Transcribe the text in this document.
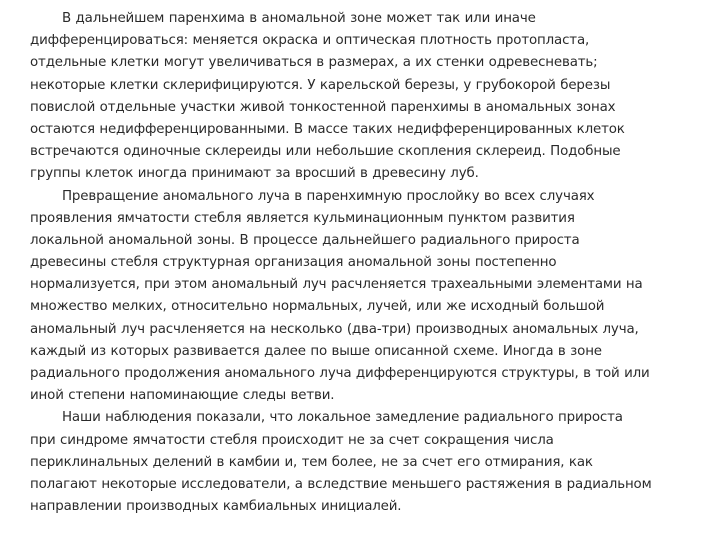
В дальнейшем паренхима в аномальной зоне может так или иначе
дифференцироваться: меняется окраска и оптическая плотность протопласта,
отдельные клетки могут увеличиваться в размерах, а их стенки одревесневать;
некоторые клетки склерифицируются. У карельской березы, у грубокорой березы
повислой отдельные участки живой тонкостенной паренхимы в аномальных зонах
остаются недифференцированными. В массе таких недифференцированных клеток
встречаются одиночные склереиды или небольшие скопления склереид. Подобные
группы клеток иногда принимают за вросший в древесину луб.
Превращение аномального луча в паренхимную прослойку во всех случаях
проявления ямчатости стебля является кульминационным пунктом развития
локальной аномальной зоны. В процессе дальнейшего радиального прироста
древесины стебля структурная организация аномальной зоны постепенно
нормализуется, при этом аномальный луч расчленяется трахеальными элементами на
множество мелких, относительно нормальных, лучей, или же исходный большой
аномальный луч расчленяется на несколько (два-три) производных аномальных луча,
каждый из которых развивается далее по выше описанной схеме. Иногда в зоне
радиального продолжения аномального луча дифференцируются структуры, в той или
иной степени напоминающие следы ветви.
Наши наблюдения показали, что локальное замедление радиального прироста
при синдроме ямчатости стебля происходит не за счет сокращения числа
периклинальных делений в камбии и, тем более, не за счет его отмирания, как
полагают некоторые исследователи, а вследствие меньшего растяжения в радиальном
направлении производных камбиальных инициалей.
